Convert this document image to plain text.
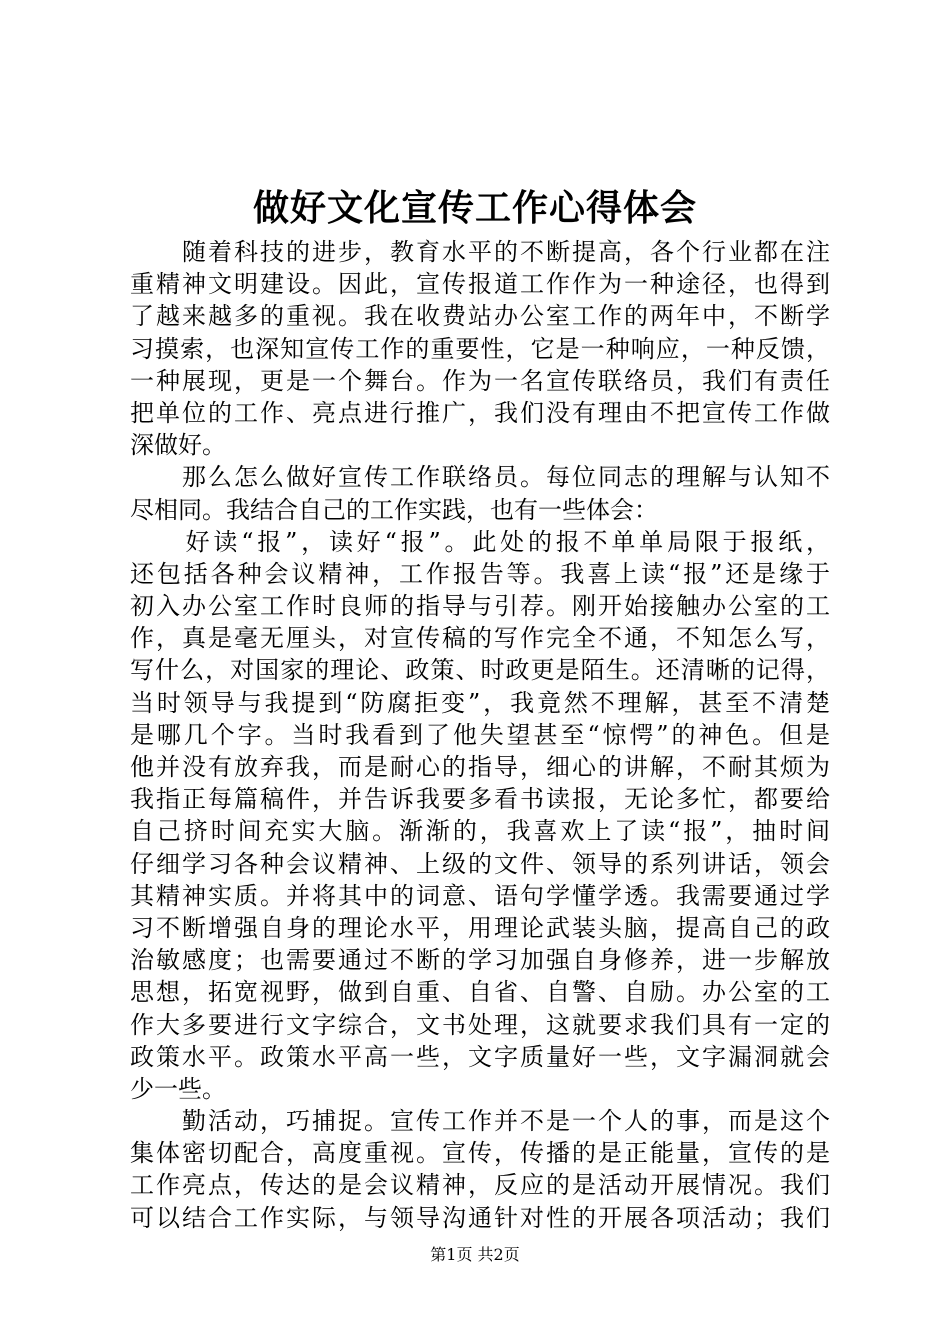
做好文化宣传工作心得体会
　　随着科技的进步，教育水平的不断提高，各个行业都在注
重精神文明建设。因此，宣传报道工作作为一种途径，也得到
了越来越多的重视。我在收费站办公室工作的两年中，不断学
习摸索，也深知宣传工作的重要性，它是一种响应，一种反馈，
一种展现，更是一个舞台。作为一名宣传联络员，我们有责任
把单位的工作、亮点进行推广，我们没有理由不把宣传工作做
深做好。
　　那么怎么做好宣传工作联络员。每位同志的理解与认知不
尽相同。我结合自己的工作实践，也有一些体会：
　　好读“报”，读好“报”。此处的报不单单局限于报纸，
还包括各种会议精神，工作报告等。我喜上读“报”还是缘于
初入办公室工作时良师的指导与引荐。刚开始接触办公室的工
作，真是毫无厘头，对宣传稿的写作完全不通，不知怎么写，
写什么，对国家的理论、政策、时政更是陌生。还清晰的记得，
当时领导与我提到“防腐拒变”，我竟然不理解，甚至不清楚
是哪几个字。当时我看到了他失望甚至“惊愕”的神色。但是
他并没有放弃我，而是耐心的指导，细心的讲解，不耐其烦为
我指正每篇稿件，并告诉我要多看书读报，无论多忙，都要给
自己挤时间充实大脑。渐渐的，我喜欢上了读“报”，抽时间
仔细学习各种会议精神、上级的文件、领导的系列讲话，领会
其精神实质。并将其中的词意、语句学懂学透。我需要通过学
习不断增强自身的理论水平，用理论武装头脑，提高自己的政
治敏感度；也需要通过不断的学习加强自身修养，进一步解放
思想，拓宽视野，做到自重、自省、自警、自励。办公室的工
作大多要进行文字综合，文书处理，这就要求我们具有一定的
政策水平。政策水平高一些，文字质量好一些，文字漏洞就会
少一些。
　　勤活动，巧捕捉。宣传工作并不是一个人的事，而是这个
集体密切配合，高度重视。宣传，传播的是正能量，宣传的是
工作亮点，传达的是会议精神，反应的是活动开展情况。我们
可以结合工作实际，与领导沟通针对性的开展各项活动；我们
第1页 共2页
